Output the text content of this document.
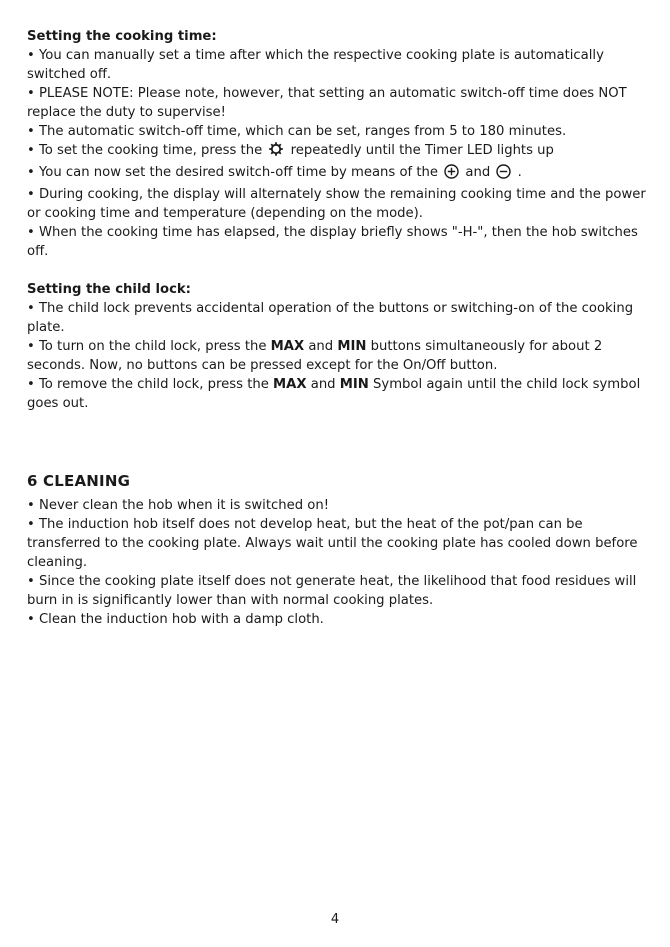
Setting the cooking time:

• You can manually set a time after which the respective cooking plate is automatically switched off.

• PLEASE NOTE: Please note, however, that setting an automatic switch-off time does NOT replace the duty to supervise!

• The automatic switch-off time, which can be set, ranges from 5 to 180 minutes.

• To set the cooking time, press the  repeatedly until the Timer LED lights up

• You can now set the desired switch-off time by means of the  and  .

• During cooking, the display will alternately show the remaining cooking time and the power or cooking time and temperature (depending on the mode).

• When the cooking time has elapsed, the display briefly shows "-H-", then the hob switches off.

Setting the child lock:

• The child lock prevents accidental operation of the buttons or switching-on of the cooking plate.

• To turn on the child lock, press the MAX and MIN buttons simultaneously for about 2 seconds. Now, no buttons can be pressed except for the On/Off button.

• To remove the child lock, press the MAX and MIN Symbol again until the child lock symbol goes out.

6 CLEANING

• Never clean the hob when it is switched on!

• The induction hob itself does not develop heat, but the heat of the pot/pan can be transferred to the cooking plate. Always wait until the cooking plate has cooled down before cleaning.

• Since the cooking plate itself does not generate heat, the likelihood that food residues will burn in is significantly lower than with normal cooking plates.

• Clean the induction hob with a damp cloth.

4
